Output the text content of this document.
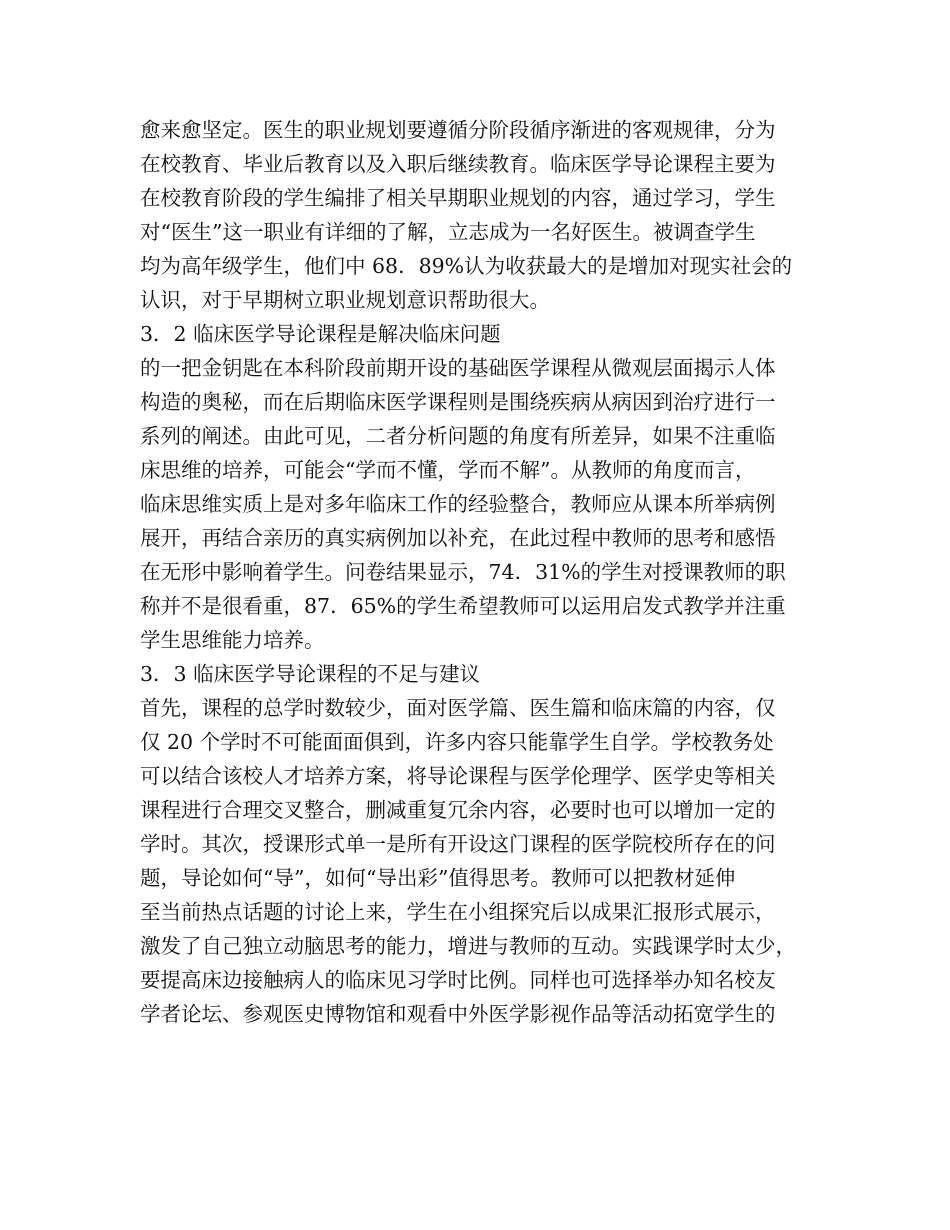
愈来愈坚定。医生的职业规划要遵循分阶段循序渐进的客观规律，分为
在校教育、毕业后教育以及入职后继续教育。临床医学导论课程主要为
在校教育阶段的学生编排了相关早期职业规划的内容，通过学习，学生
对“医生”这一职业有详细的了解，立志成为一名好医生。被调查学生
均为高年级学生，他们中 68．89%认为收获最大的是增加对现实社会的
认识，对于早期树立职业规划意识帮助很大。
3．2 临床医学导论课程是解决临床问题
的一把金钥匙在本科阶段前期开设的基础医学课程从微观层面揭示人体
构造的奥秘，而在后期临床医学课程则是围绕疾病从病因到治疗进行一
系列的阐述。由此可见，二者分析问题的角度有所差异，如果不注重临
床思维的培养，可能会“学而不懂，学而不解”。从教师的角度而言，
临床思维实质上是对多年临床工作的经验整合，教师应从课本所举病例
展开，再结合亲历的真实病例加以补充，在此过程中教师的思考和感悟
在无形中影响着学生。问卷结果显示，74．31%的学生对授课教师的职
称并不是很看重，87．65%的学生希望教师可以运用启发式教学并注重
学生思维能力培养。
3．3 临床医学导论课程的不足与建议
首先，课程的总学时数较少，面对医学篇、医生篇和临床篇的内容，仅
仅 20 个学时不可能面面俱到，许多内容只能靠学生自学。学校教务处
可以结合该校人才培养方案，将导论课程与医学伦理学、医学史等相关
课程进行合理交叉整合，删减重复冗余内容，必要时也可以增加一定的
学时。其次，授课形式单一是所有开设这门课程的医学院校所存在的问
题，导论如何“导”，如何“导出彩”值得思考。教师可以把教材延伸
至当前热点话题的讨论上来，学生在小组探究后以成果汇报形式展示，
激发了自己独立动脑思考的能力，增进与教师的互动。实践课学时太少，
要提高床边接触病人的临床见习学时比例。同样也可选择举办知名校友
学者论坛、参观医史博物馆和观看中外医学影视作品等活动拓宽学生的
